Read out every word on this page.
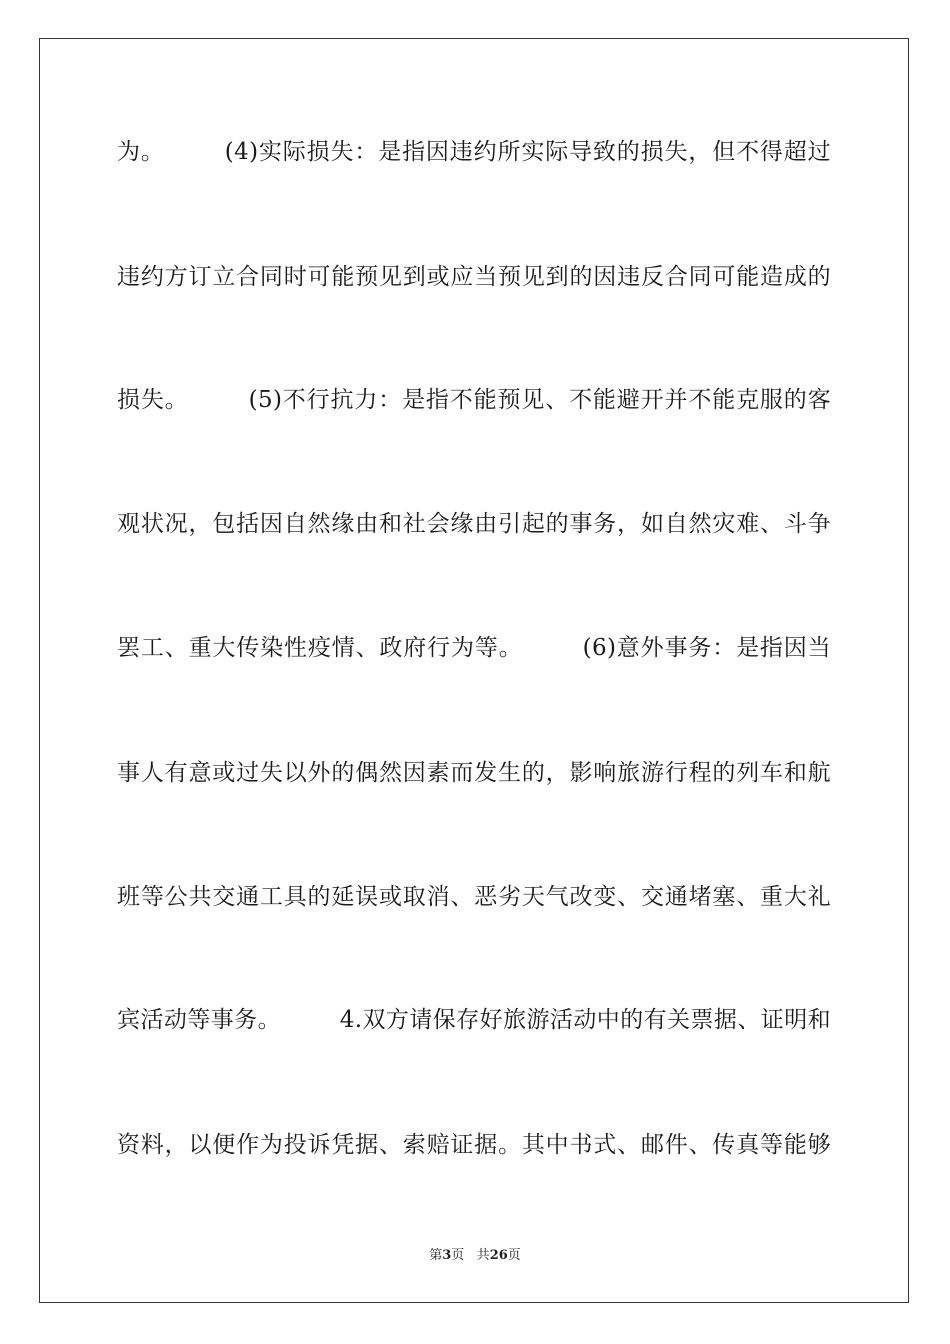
为。　　　(4)实际损失：是指因违约所实际导致的损失，但不得超过
违约方订立合同时可能预见到或应当预见到的因违反合同可能造成的
损失。　　　(5)不行抗力：是指不能预见、不能避开并不能克服的客
观状况，包括因自然缘由和社会缘由引起的事务，如自然灾难、斗争
罢工、重大传染性疫情、政府行为等。　　　(6)意外事务：是指因当
事人有意或过失以外的偶然因素而发生的，影响旅游行程的列车和航
班等公共交通工具的延误或取消、恶劣天气改变、交通堵塞、重大礼
宾活动等事务。　　　4.双方请保存好旅游活动中的有关票据、证明和
资料，以便作为投诉凭据、索赔证据。其中书式、邮件、传真等能够
第3页 共26页
